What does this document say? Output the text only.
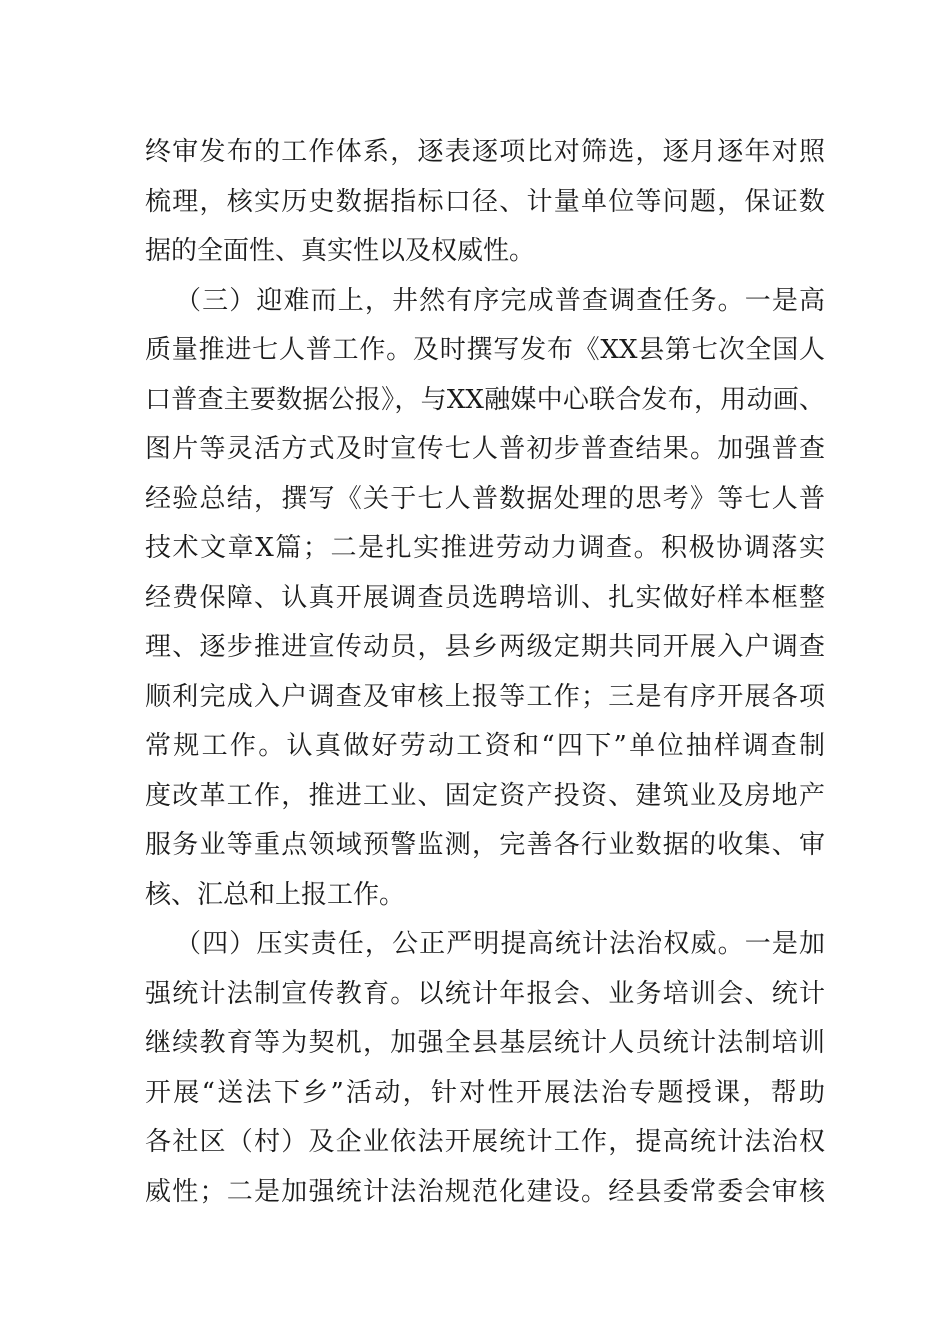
终审发布的工作体系，逐表逐项比对筛选，逐月逐年对照
梳理，核实历史数据指标口径、计量单位等问题，保证数
据的全面性、真实性以及权威性。
（三）迎难而上，井然有序完成普查调查任务。一是高
质量推进七人普工作。及时撰写发布《XX县第七次全国人
口普查主要数据公报》，与XX融媒中心联合发布，用动画、
图片等灵活方式及时宣传七人普初步普查结果。加强普查
经验总结，撰写《关于七人普数据处理的思考》等七人普
技术文章X篇；二是扎实推进劳动力调查。积极协调落实
经费保障、认真开展调查员选聘培训、扎实做好样本框整
理、逐步推进宣传动员，县乡两级定期共同开展入户调查
顺利完成入户调查及审核上报等工作；三是有序开展各项
常规工作。认真做好劳动工资和“四下”单位抽样调查制
度改革工作，推进工业、固定资产投资、建筑业及房地产
服务业等重点领域预警监测，完善各行业数据的收集、审
核、汇总和上报工作。
（四）压实责任，公正严明提高统计法治权威。一是加
强统计法制宣传教育。以统计年报会、业务培训会、统计
继续教育等为契机，加强全县基层统计人员统计法制培训
开展“送法下乡”活动，针对性开展法治专题授课，帮助
各社区（村）及企业依法开展统计工作，提高统计法治权
威性；二是加强统计法治规范化建设。经县委常委会审核
